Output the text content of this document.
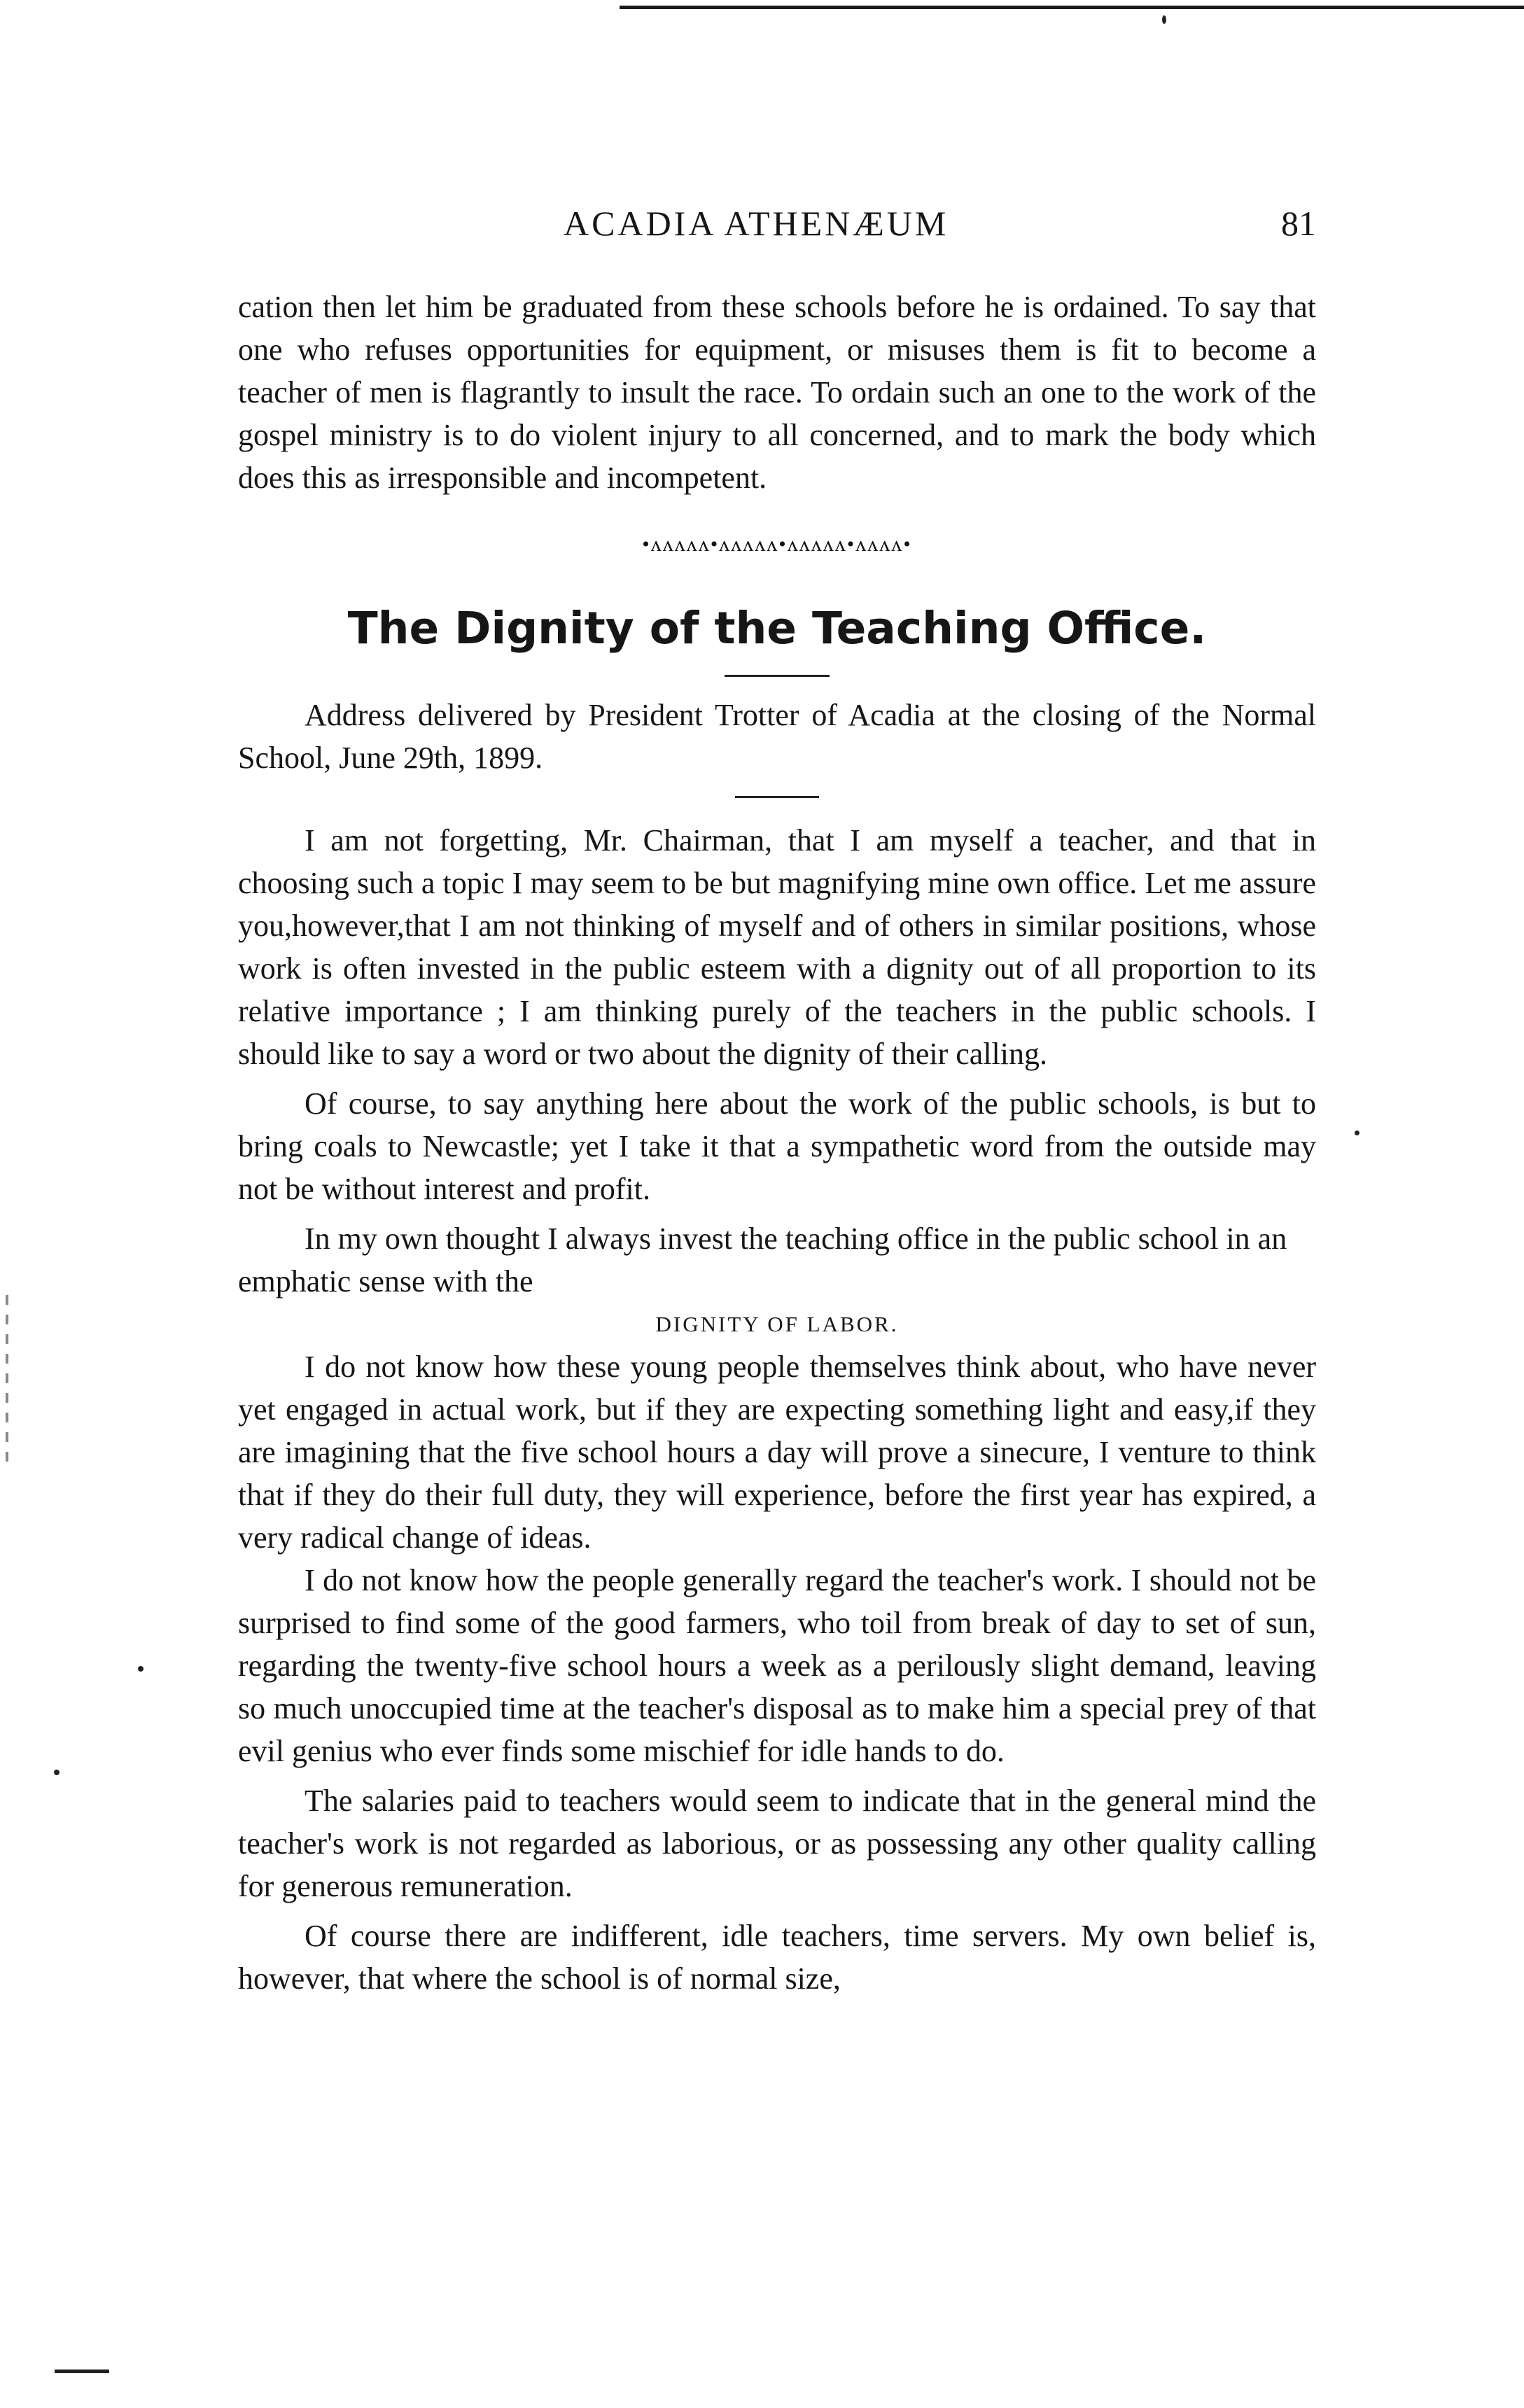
ACADIA ATHENÆUM	81

cation then let him be graduated from these schools before he is ordained. To say that one who refuses opportunities for equipment, or misuses them is fit to become a teacher of men is flagrantly to insult the race. To ordain such an one to the work of the gospel ministry is to do violent injury to all concerned, and to mark the body which does this as irresponsible and incompetent.

•ʌʌʌʌʌ•ʌʌʌʌʌ•ʌʌʌʌʌ•ʌʌʌʌ•
The Dignity of the Teaching Office.

Address delivered by President Trotter of Acadia at the closing of the Normal School, June 29th, 1899.

I am not forgetting, Mr. Chairman, that I am myself a teacher, and that in choosing such a topic I may seem to be but magnifying mine own office. Let me assure you,however,that I am not thinking of myself and of others in similar positions, whose work is often invested in the public esteem with a dignity out of all proportion to its relative importance ; I am thinking purely of the teachers in the public schools. I should like to say a word or two about the dignity of their calling.

Of course, to say anything here about the work of the public schools, is but to bring coals to Newcastle; yet I take it that a sympathetic word from the outside may not be without interest and profit.

In my own thought I always invest the teaching office in the public school in an emphatic sense with the

DIGNITY OF LABOR.

I do not know how these young people themselves think about, who have never yet engaged in actual work, but if they are expecting something light and easy,if they are imagining that the five school hours a day will prove a sinecure, I venture to think that if they do their full duty, they will experience, before the first year has expired, a very radical change of ideas.

I do not know how the people generally regard the teacher's work. I should not be surprised to find some of the good farmers, who toil from break of day to set of sun, regarding the twenty-five school hours a week as a perilously slight demand, leaving so much unoccupied time at the teacher's disposal as to make him a special prey of that evil genius who ever finds some mischief for idle hands to do.

The salaries paid to teachers would seem to indicate that in the general mind the teacher's work is not regarded as laborious, or as possessing any other quality calling for generous remuneration.

Of course there are indifferent, idle teachers, time servers. My own belief is, however, that where the school is of normal size,
